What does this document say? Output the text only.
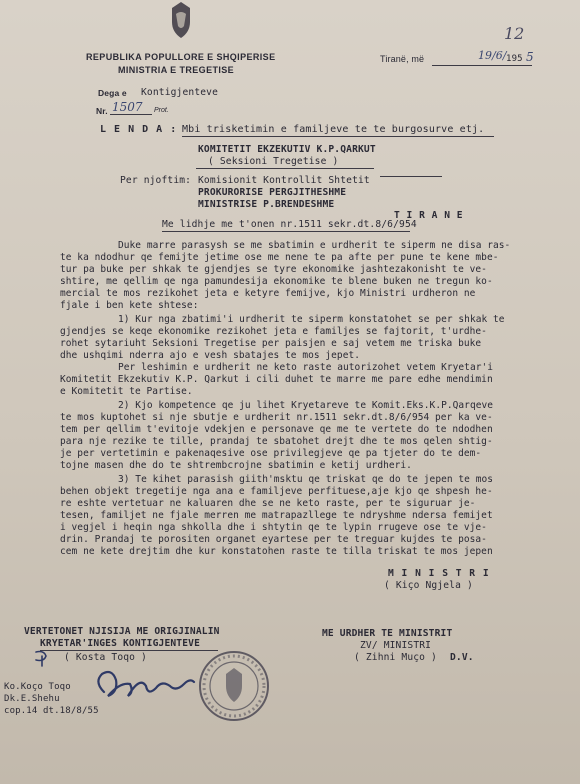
REPUBLIKA POPULLORE E SHQIPERISE
MINISTRIA E TREGETISE
Tiranë, më	19/6/ 195 5
12
Dega e Kontigjenteve
Nr. 1507 Prot.
L E N D A : Mbi trisketimin e familjeve te te burgosurve etj.
KOMITETIT EKZEKUTIV K.P.QARKUT
( Seksioni Tregetise )
Per njoftim: Komisionit Kontrollit Shtetit
PROKURORISE PERGJITHESHME
MINISTRISE P.BRENDESHME
T I R A N E
Me lidhje me t'onen nr.1511 sekr.dt.8/6/954
Duke marre parasysh se me sbatimin e urdherit te siperm ne disa ras-
te ka ndodhur qe femijte jetime ose me nene te pa afte per pune te kene mbe-
tur pa buke per shkak te gjendjes se tyre ekonomike jashtezakonisht te ve-
shtire, me qellim qe nga pamundesija ekonomike te blene buken ne tregun ko-
mercial te mos rezikohet jeta e ketyre femijve, kjo Ministri urdheron ne
fjale i ben kete shtese:
1) Kur nga zbatimi'i urdherit te siperm konstatohet se per shkak te
gjendjes se keqe ekonomike rezikohet jeta e familjes se fajtorit, t'urdhe-
rohet sytariuht Seksioni Tregetise per paisjen e saj vetem me triska buke
dhe ushqimi nderra ajo e vesh sbatajes te mos jepet.
Per leshimin e urdherit ne keto raste autorizohet vetem Kryetar'i
Komitetit Ekzekutiv K.P. Qarkut i cili duhet te marre me pare edhe mendimin
e Komitetit te Partise.
2) Kjo kompetence qe ju lihet Kryetareve te Komit.Eks.K.P.Qarqeve
te mos kuptohet si nje sbutje e urdherit nr.1511 sekr.dt.8/6/954 per ka ve-
tem per qellim t'evitoje vdekjen e personave qe me te vertete do te ndodhen
para nje rezike te tille, prandaj te sbatohet drejt dhe te mos qelen shtig-
je per vertetimin e pakenaqesive ose privilegjeve qe pa tjeter do te dem-
tojne masen dhe do te shtrembcrojne sbatimin e ketij urdheri.
3) Te kihet parasish giith'msktu qe triskat qe do te jepen te mos
behen objekt tregetije nga ana e familjeve perfituese,aje kjo qe shpesh he-
re eshte vertetuar ne kaluaren dhe se ne keto raste, per te siguruar je-
tesen, familjet ne fjale merren me matrapazllege te ndryshme ndersa femijet
i vegjel i heqin nga shkolla dhe i shtytin qe te lypin rrugeve ose te vje-
drin. Prandaj te porositen organet eyartese per te treguar kujdes te posa-
cem ne kete drejtim dhe kur konstatohen raste te tilla triskat te mos jepen
M I N I S T R I
( Kiço Ngjela )
ME URDHER TE MINISTRIT
ZV/ MINISTRI
( Zihni Muço ) D.V.
VERTETONET NJISIJA ME ORIGJINALIN
KRYETAR'INGES KONTIGJENTEVE
( Kosta Toqo )
Ko.Koço Toqo
Dk.E.Shehu
cop.14 dt.18/8/55
